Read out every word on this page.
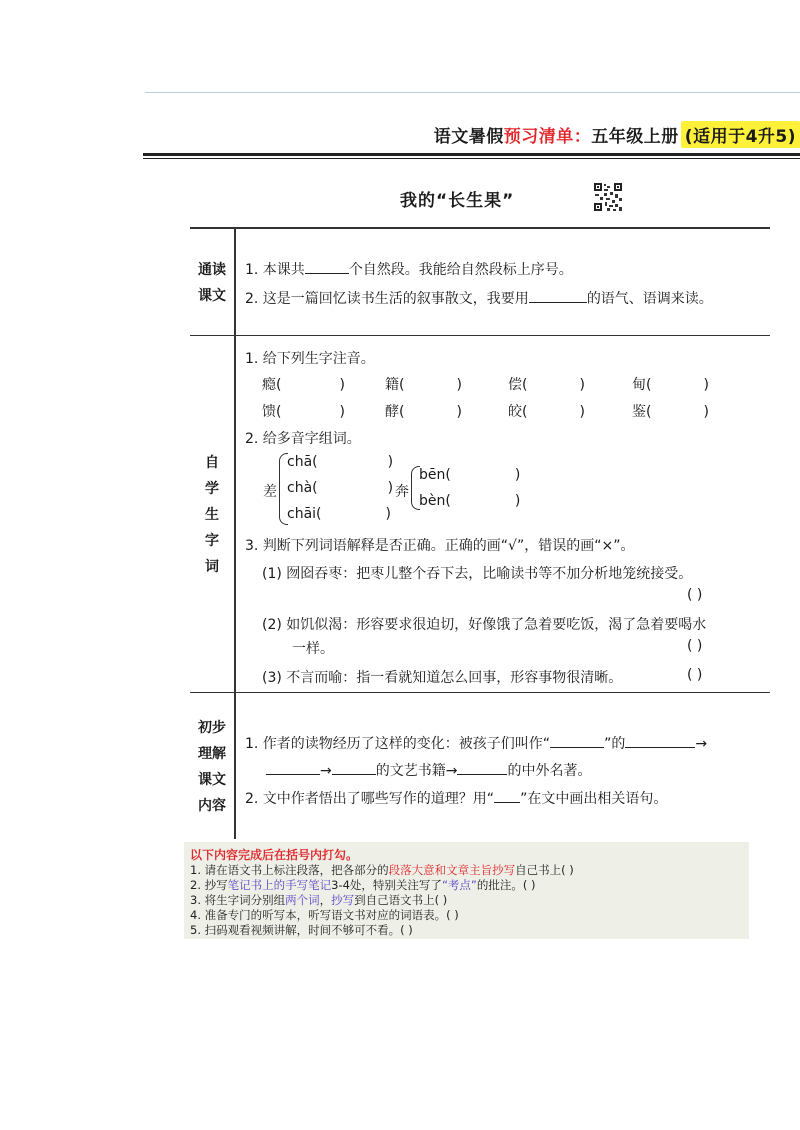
语文暑假 预习清单： 五年级上册 (适用于4升5)
我的“长生果”
通读
课文
1. 本课共	个自然段。我能给自然段标上序号。
2. 这是一篇回忆读书生活的叙事散文，我要用	的语气、语调来读。
自
学
生
字
词
1. 给下列生字注音。
瘾(	)	籍(	)	偿(	)	甸(	)
馈(	)	酵(	)	皎(	)	鉴(	)
2. 给多音字组词。
差
chā(	)
chà(	)
chāi(	)
奔
bēn(	)
bèn(	)
3. 判断下列词语解释是否正确。正确的画“√”，错误的画“×”。
(1) 囫囵吞枣：把枣儿整个吞下去，比喻读书等不加分析地笼统接受。
( )
(2) 如饥似渴：形容要求很迫切，好像饿了急着要吃饭，渴了急着要喝水
一样。	( )
(3) 不言而喻：指一看就知道怎么回事，形容事物很清晰。	( )
初步
理解
课文
内容
1. 作者的读物经历了这样的变化：被孩子们叫作“	”的	→
→	的文艺书籍→	的中外名著。
2. 文中作者悟出了哪些写作的道理？用“ ”在文中画出相关语句。
以下内容完成后在括号内打勾。
1. 请在语文书上标注段落，把各部分的段落大意和文章主旨抄写自己书上( )
2. 抄写笔记书上的手写笔记3-4处，特别关注写了“考点”的批注。( )
3. 将生字词分别组两个词，抄写到自己语文书上( )
4. 准备专门的听写本，听写语文书对应的词语表。( )
5. 扫码观看视频讲解，时间不够可不看。( )
